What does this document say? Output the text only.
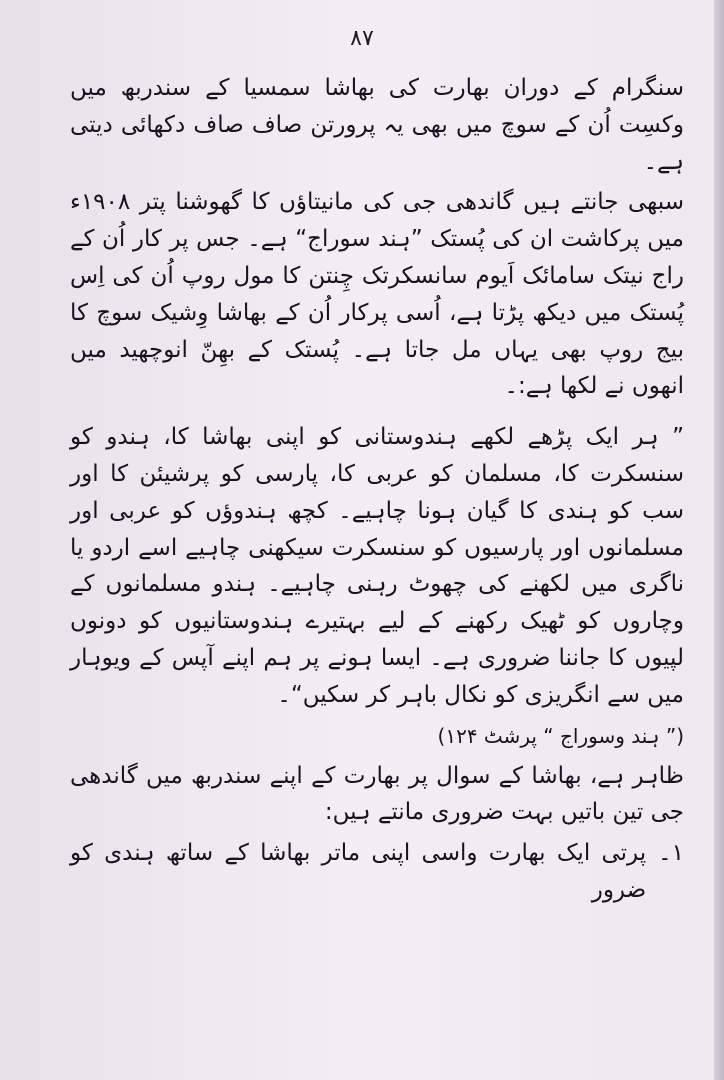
۸۷

سنگرام کے دوران بھارت کی بھاشا سمسیا کے سندربھ میں وکسِت اُن کے سوچ میں بھی یہ پرورتن صاف صاف دکھائی دیتی ہے۔

سبھی جانتے ہیں گاندھی جی کی مانیتاؤں کا گھوشنا پتر ۱۹۰۸ء میں پرکاشت ان کی پُستک ”ہند سوراج“ ہے۔ جس پر کار اُن کے راج نیتک سامائک اَیوم سانسکرتک چِنتن کا مول روپ اُن کی اِس پُستک میں دیکھ پڑتا ہے، اُسی پرکار اُن کے بھاشا وِشیک سوچ کا بیج روپ بھی یہاں مل جاتا ہے۔ پُستک کے بھِنّ انوچھید میں انھوں نے لکھا ہے:۔

” ہر ایک پڑھے لکھے ہندوستانی کو اپنی بھاشا کا، ہندو کو سنسکرت کا، مسلمان کو عربی کا، پارسی کو پرشیئن کا اور سب کو ہندی کا گیان ہونا چاہیے۔ کچھ ہندوؤں کو عربی اور مسلمانوں اور پارسیوں کو سنسکرت سیکھنی چاہیے اسے اردو یا ناگری میں لکھنے کی چھوٹ رہنی چاہیے۔ ہندو مسلمانوں کے وچاروں کو ٹھیک رکھنے کے لیے بہتیرے ہندوستانیوں کو دونوں لپیوں کا جاننا ضروری ہے۔ ایسا ہونے پر ہم اپنے آپس کے ویوہار میں سے انگریزی کو نکال باہر کر سکیں“۔

(” ہند وسوراج “ پرشٹ ۱۲۴)

ظاہر ہے، بھاشا کے سوال پر بھارت کے اپنے سندربھ میں گاندھی جی تین باتیں بہت ضروری مانتے ہیں:

۱۔
پرتی ایک بھارت واسی اپنی ماتر بھاشا کے ساتھ ہندی کو ضرور
